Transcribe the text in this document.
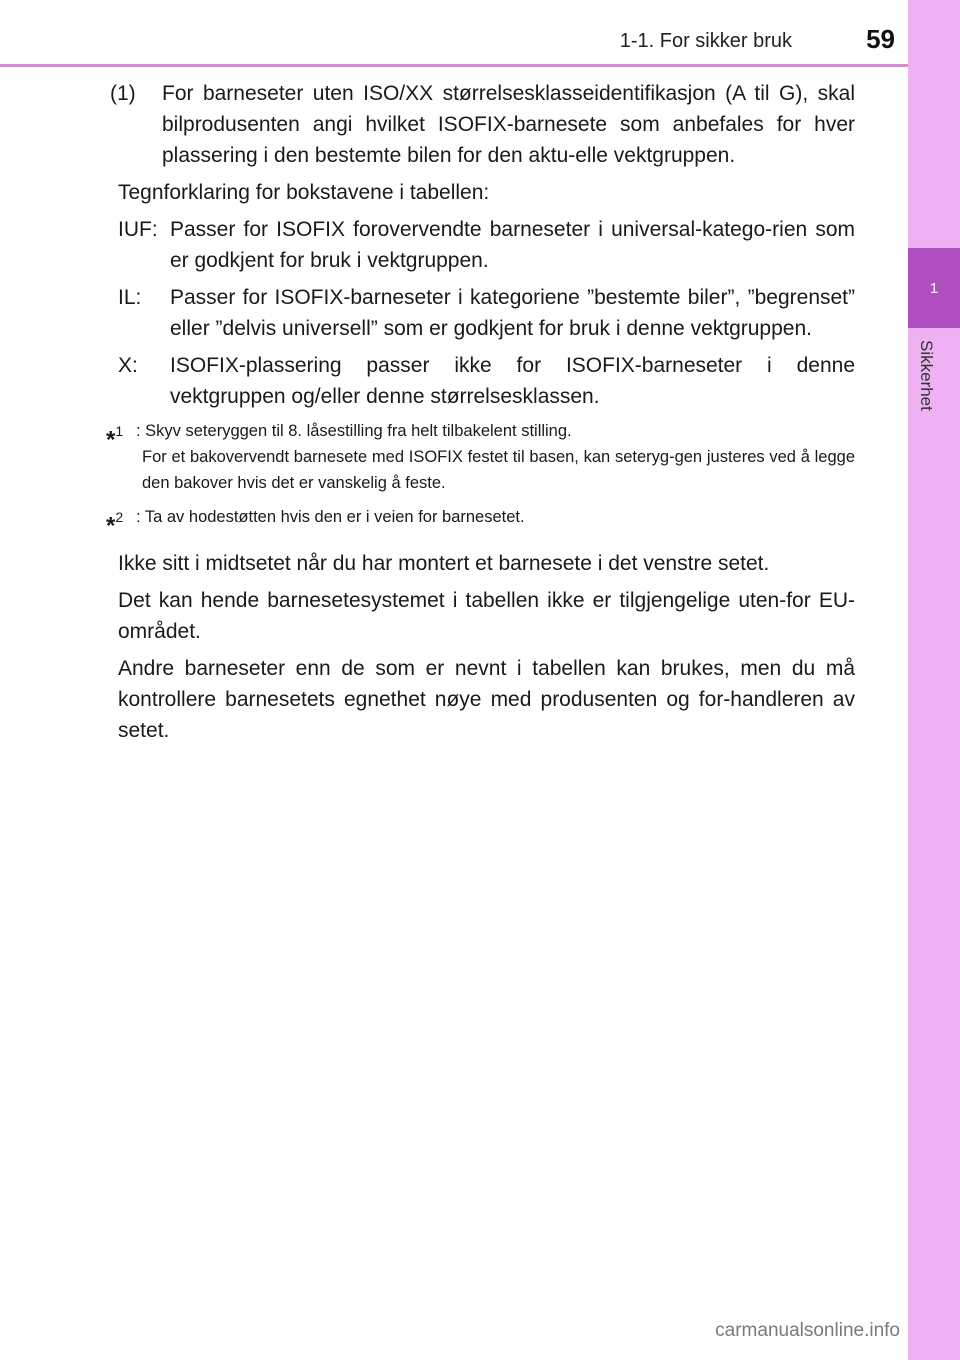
1-1. For sikker bruk	59
1
Sikkerhet
(1)	For barneseter uten ISO/XX størrelsesklasseidentifikasjon (A til G), skal bilprodusenten angi hvilket ISOFIX-barnesete som anbefales for hver plassering i den bestemte bilen for den aktu-elle vektgruppen.

Tegnforklaring for bokstavene i tabellen:

IUF: Passer for ISOFIX forovervendte barneseter i universal-katego-rien som er godkjent for bruk i vektgruppen.
IL:	Passer for ISOFIX-barneseter i kategoriene ”bestemte biler”, ”begrenset” eller ”delvis universell” som er godkjent for bruk i denne vektgruppen.
X:	ISOFIX-plassering passer ikke for ISOFIX-barneseter i denne vektgruppen og/eller denne størrelsesklassen.
*$^1$ : Skyv seteryggen til 8. låsestilling fra helt tilbakelent stilling.

For et bakovervendt barnesete med ISOFIX festet til basen, kan seteryg-gen justeres ved å legge den bakover hvis det er vanskelig å feste.

*$^2$ : Ta av hodestøtten hvis den er i veien for barnesetet.

Ikke sitt i midtsetet når du har montert et barnesete i det venstre setet.

Det kan hende barnesetesystemet i tabellen ikke er tilgjengelige uten-for EU-området.

Andre barneseter enn de som er nevnt i tabellen kan brukes, men du må kontrollere barnesetets egnethet nøye med produsenten og for-handleren av setet.

carmanualsonline.info
